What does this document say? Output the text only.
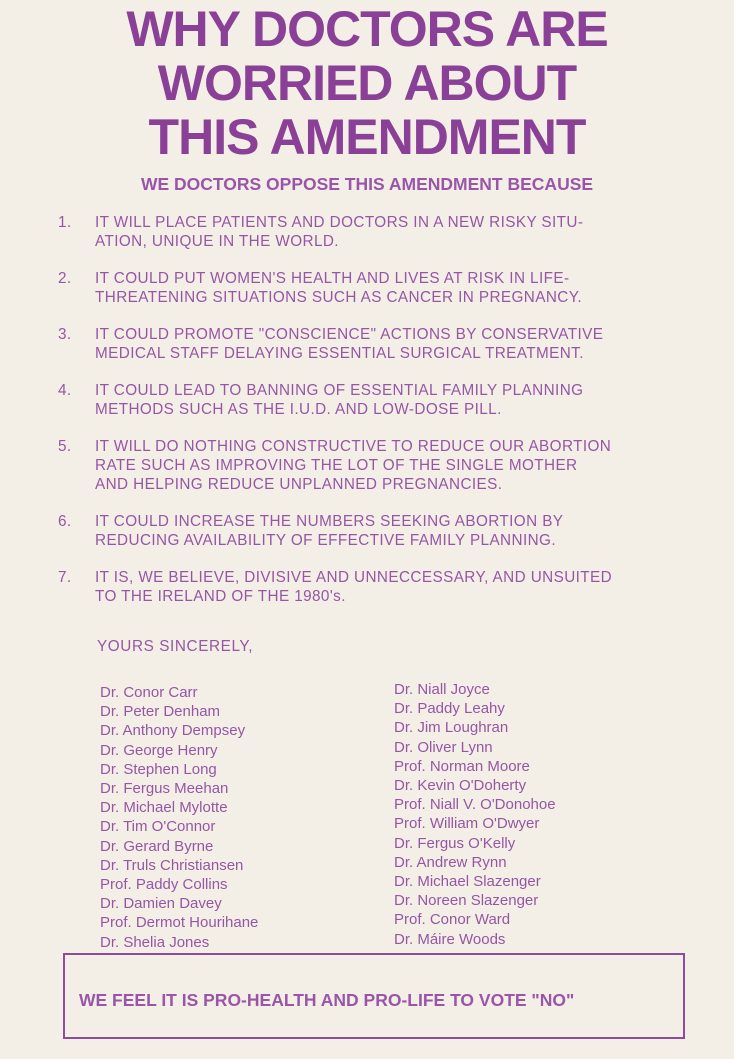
WHY DOCTORS ARE
WORRIED ABOUT
THIS AMENDMENT
WE DOCTORS OPPOSE THIS AMENDMENT BECAUSE
1. IT WILL PLACE PATIENTS AND DOCTORS IN A NEW RISKY SITU-
ATION, UNIQUE IN THE WORLD.
2. IT COULD PUT WOMEN'S HEALTH AND LIVES AT RISK IN LIFE-
THREATENING SITUATIONS SUCH AS CANCER IN PREGNANCY.
3. IT COULD PROMOTE "CONSCIENCE" ACTIONS BY CONSERVATIVE
MEDICAL STAFF DELAYING ESSENTIAL SURGICAL TREATMENT.
4. IT COULD LEAD TO BANNING OF ESSENTIAL FAMILY PLANNING
METHODS SUCH AS THE I.U.D. AND LOW-DOSE PILL.
5. IT WILL DO NOTHING CONSTRUCTIVE TO REDUCE OUR ABORTION
RATE SUCH AS IMPROVING THE LOT OF THE SINGLE MOTHER
AND HELPING REDUCE UNPLANNED PREGNANCIES.
6. IT COULD INCREASE THE NUMBERS SEEKING ABORTION BY
REDUCING AVAILABILITY OF EFFECTIVE FAMILY PLANNING.
7. IT IS, WE BELIEVE, DIVISIVE AND UNNECCESSARY, AND UNSUITED
TO THE IRELAND OF THE 1980's.
YOURS SINCERELY,
Dr. Conor Carr
Dr. Peter Denham
Dr. Anthony Dempsey
Dr. George Henry
Dr. Stephen Long
Dr. Fergus Meehan
Dr. Michael Mylotte
Dr. Tim O'Connor
Dr. Gerard Byrne
Dr. Truls Christiansen
Prof. Paddy Collins
Dr. Damien Davey
Prof. Dermot Hourihane
Dr. Shelia Jones
Dr. Niall Joyce
Dr. Paddy Leahy
Dr. Jim Loughran
Dr. Oliver Lynn
Prof. Norman Moore
Dr. Kevin O'Doherty
Prof. Niall V. O'Donohoe
Prof. William O'Dwyer
Dr. Fergus O'Kelly
Dr. Andrew Rynn
Dr. Michael Slazenger
Dr. Noreen Slazenger
Prof. Conor Ward
Dr. Máire Woods
WE FEEL IT IS PRO-HEALTH AND PRO-LIFE TO VOTE "NO"
